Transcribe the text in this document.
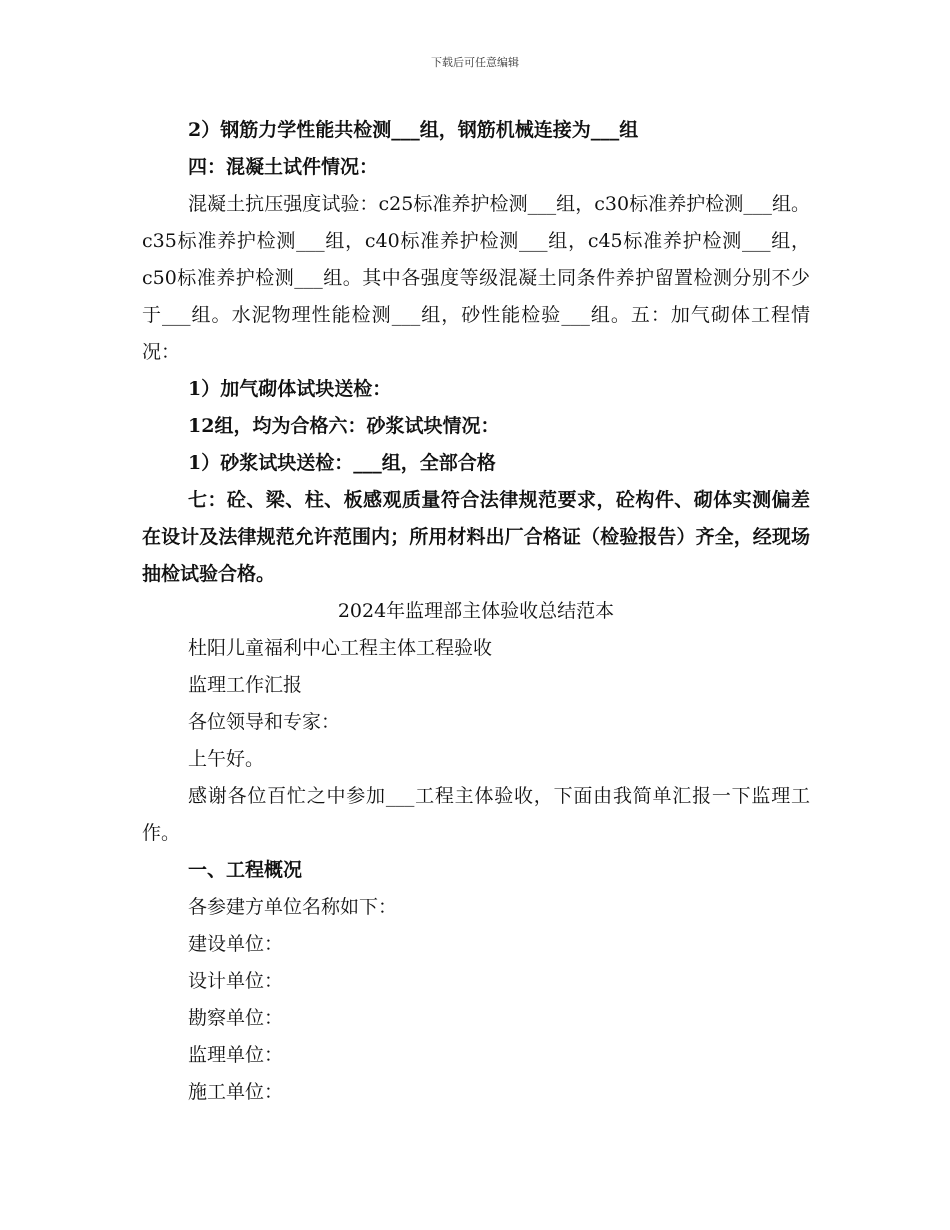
下载后可任意编辑

2）钢筋力学性能共检测___组，钢筋机械连接为___组

四：混凝土试件情况：

混凝土抗压强度试验：c25标准养护检测___组，c30标准养护检测___组。c35标准养护检测___组，c40标准养护检测___组，c45标准养护检测___组，c50标准养护检测___组。其中各强度等级混凝土同条件养护留置检测分别不少于___组。水泥物理性能检测___组，砂性能检验___组。五：加气砌体工程情况：

1）加气砌体试块送检：

12组，均为合格六：砂浆试块情况：

1）砂浆试块送检：___组，全部合格

七：砼、梁、柱、板感观质量符合法律规范要求，砼构件、砌体实测偏差在设计及法律规范允许范围内；所用材料出厂合格证（检验报告）齐全，经现场抽检试验合格。

2024年监理部主体验收总结范本

杜阳儿童福利中心工程主体工程验收

监理工作汇报

各位领导和专家：

上午好。

感谢各位百忙之中参加___工程主体验收，下面由我简单汇报一下监理工作。

一、工程概况

各参建方单位名称如下：

建设单位：

设计单位：

勘察单位：

监理单位：

施工单位：
